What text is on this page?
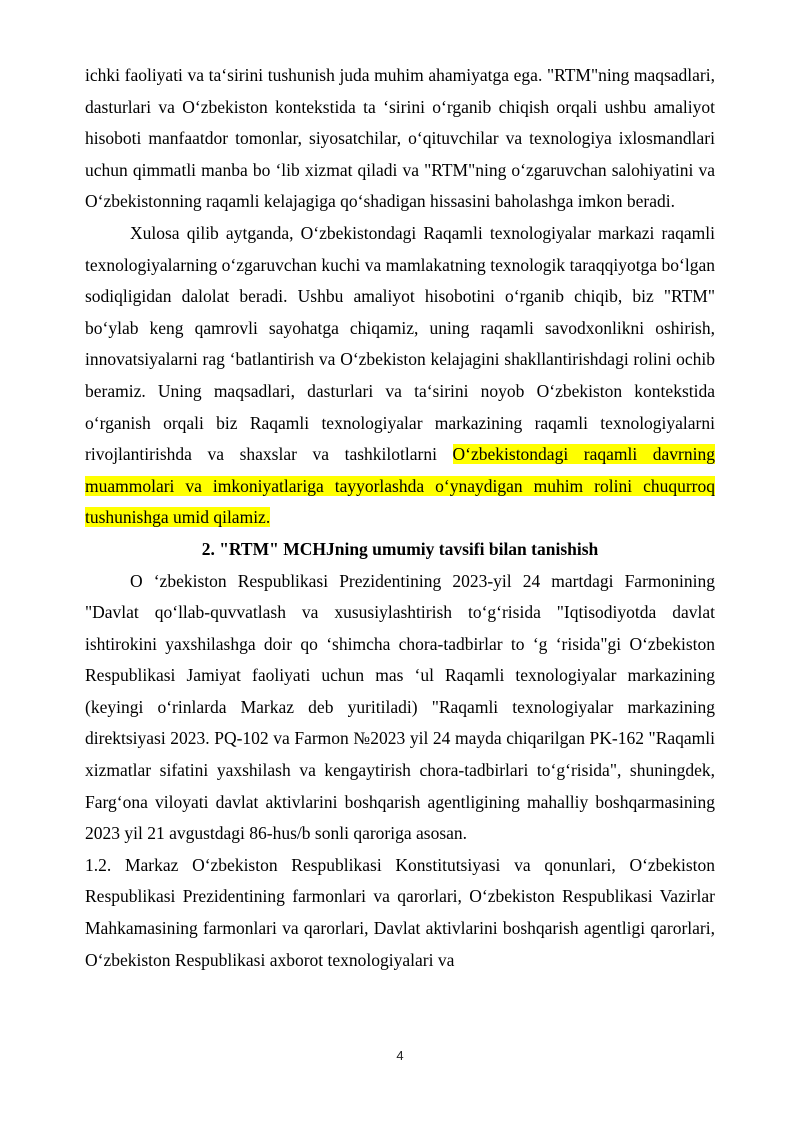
ichki faoliyati va ta‘sirini tushunish juda muhim ahamiyatga ega. "RTM"ning maqsadlari, dasturlari va O‘zbekiston kontekstida ta ‘sirini o‘rganib chiqish orqali ushbu amaliyot hisoboti manfaatdor tomonlar, siyosatchilar, o‘qituvchilar va texnologiya ixlosmandlari uchun qimmatli manba bo ‘lib xizmat qiladi va "RTM"ning o‘zgaruvchan salohiyatini va O‘zbekistonning raqamli kelajagiga qo‘shadigan hissasini baholashga imkon beradi.

Xulosa qilib aytganda, O‘zbekistondagi Raqamli texnologiyalar markazi raqamli texnologiyalarning o‘zgaruvchan kuchi va mamlakatning texnologik taraqqiyotga bo‘lgan sodiqligidan dalolat beradi. Ushbu amaliyot hisobotini o‘rganib chiqib, biz "RTM" bo‘ylab keng qamrovli sayohatga chiqamiz, uning raqamli savodxonlikni oshirish, innovatsiyalarni rag ‘batlantirish va O‘zbekiston kelajagini shakllantirishdagi rolini ochib beramiz. Uning maqsadlari, dasturlari va ta‘sirini noyob O‘zbekiston kontekstida o‘rganish orqali biz Raqamli texnologiyalar markazining raqamli texnologiyalarni rivojlantirishda va shaxslar va tashkilotlarni O‘zbekistondagi raqamli davrning muammolari va imkoniyatlariga tayyorlashda o‘ynaydigan muhim rolini chuqurroq tushunishga umid qilamiz.

2. "RTM" MCHJning umumiy tavsifi bilan tanishish

O ‘zbekiston Respublikasi Prezidentining 2023-yil 24 martdagi Farmonining "Davlat qo‘llab-quvvatlash va xususiylashtirish to‘g‘risida "Iqtisodiyotda davlat ishtirokini yaxshilashga doir qo ‘shimcha chora-tadbirlar to ‘g ‘risida"gi O‘zbekiston Respublikasi Jamiyat faoliyati uchun mas ‘ul Raqamli texnologiyalar markazining (keyingi o‘rinlarda Markaz deb yuritiladi) "Raqamli texnologiyalar markazining direktsiyasi 2023. PQ-102 va Farmon №2023 yil 24 mayda chiqarilgan PK-162 "Raqamli xizmatlar sifatini yaxshilash va kengaytirish chora-tadbirlari to‘g‘risida", shuningdek, Farg‘ona viloyati davlat aktivlarini boshqarish agentligining mahalliy boshqarmasining 2023 yil 21 avgustdagi 86-hus/b sonli qaroriga asosan.

1.2. Markaz O‘zbekiston Respublikasi Konstitutsiyasi va qonunlari, O‘zbekiston Respublikasi Prezidentining farmonlari va qarorlari, O‘zbekiston Respublikasi Vazirlar Mahkamasining farmonlari va qarorlari, Davlat aktivlarini boshqarish agentligi qarorlari, O‘zbekiston Respublikasi axborot texnologiyalari va

4
